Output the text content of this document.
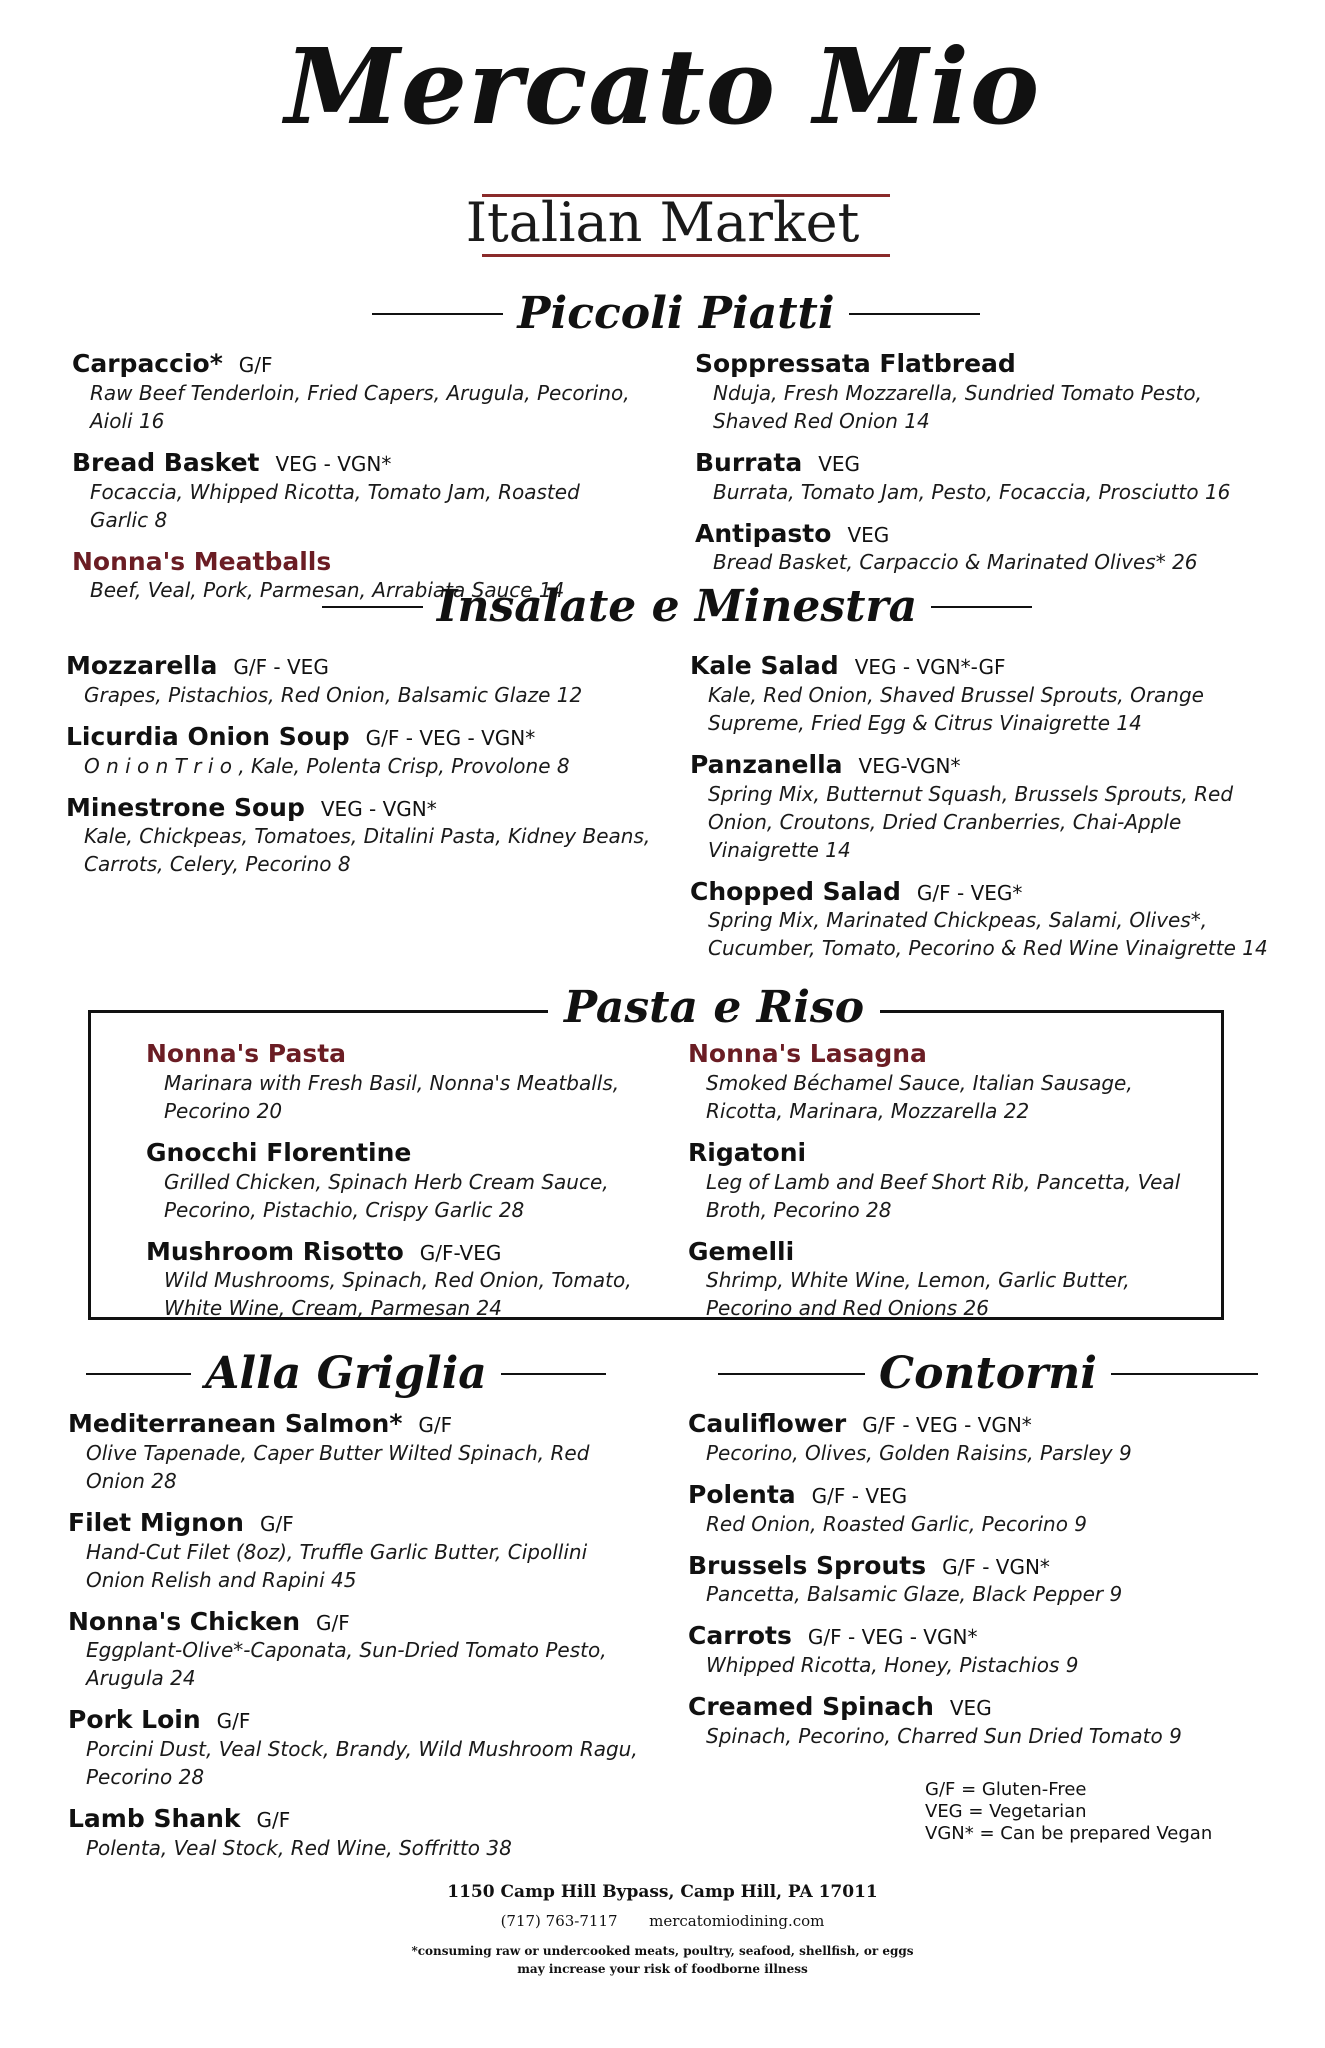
Mercato Mio
Italian Market
Piccoli Piatti
Carpaccio* G/F
Raw Beef Tenderloin, Fried Capers, Arugula, Pecorino, Aioli 16
Bread Basket VEG - VGN*
Focaccia, Whipped Ricotta, Tomato Jam, Roasted Garlic 8
Nonna's Meatballs
Beef, Veal, Pork, Parmesan, Arrabiata Sauce 14
Soppressata Flatbread
Nduja, Fresh Mozzarella, Sundried Tomato Pesto, Shaved Red Onion 14
Burrata VEG
Burrata, Tomato Jam, Pesto, Focaccia, Prosciutto 16
Antipasto VEG
Bread Basket, Carpaccio & Marinated Olives* 26
Insalate e Minestra
Mozzarella G/F - VEG
Grapes, Pistachios, Red Onion, Balsamic Glaze 12
Licurdia Onion Soup G/F - VEG - VGN*
O n i o n T r i o , Kale, Polenta Crisp, Provolone 8
Minestrone Soup VEG - VGN*
Kale, Chickpeas, Tomatoes, Ditalini Pasta, Kidney Beans, Carrots, Celery, Pecorino 8
Kale Salad VEG - VGN*-GF
Kale, Red Onion, Shaved Brussel Sprouts, Orange Supreme, Fried Egg & Citrus Vinaigrette 14
Panzanella VEG-VGN*
Spring Mix, Butternut Squash, Brussels Sprouts, Red Onion, Croutons, Dried Cranberries, Chai-Apple Vinaigrette 14
Chopped Salad G/F - VEG*
Spring Mix, Marinated Chickpeas, Salami, Olives*, Cucumber, Tomato, Pecorino & Red Wine Vinaigrette 14
Pasta e Riso
Nonna's Pasta
Marinara with Fresh Basil, Nonna's Meatballs, Pecorino 20
Gnocchi Florentine
Grilled Chicken, Spinach Herb Cream Sauce, Pecorino, Pistachio, Crispy Garlic 28
Mushroom Risotto G/F-VEG
Wild Mushrooms, Spinach, Red Onion, Tomato, White Wine, Cream, Parmesan 24
Nonna's Lasagna
Smoked Béchamel Sauce, Italian Sausage, Ricotta, Marinara, Mozzarella 22
Rigatoni
Leg of Lamb and Beef Short Rib, Pancetta, Veal Broth, Pecorino 28
Gemelli
Shrimp, White Wine, Lemon, Garlic Butter, Pecorino and Red Onions 26
Alla Griglia
Mediterranean Salmon* G/F
Olive Tapenade, Caper Butter Wilted Spinach, Red Onion 28
Filet Mignon G/F
Hand-Cut Filet (8oz), Truffle Garlic Butter, Cipollini Onion Relish and Rapini 45
Nonna's Chicken G/F
Eggplant-Olive*-Caponata, Sun-Dried Tomato Pesto, Arugula 24
Pork Loin G/F
Porcini Dust, Veal Stock, Brandy, Wild Mushroom Ragu, Pecorino 28
Lamb Shank G/F
Polenta, Veal Stock, Red Wine, Soffritto 38
Contorni
Cauliflower G/F - VEG - VGN*
Pecorino, Olives, Golden Raisins, Parsley 9
Polenta G/F - VEG
Red Onion, Roasted Garlic, Pecorino 9
Brussels Sprouts G/F - VGN*
Pancetta, Balsamic Glaze, Black Pepper 9
Carrots G/F - VEG - VGN*
Whipped Ricotta, Honey, Pistachios 9
Creamed Spinach VEG
Spinach, Pecorino, Charred Sun Dried Tomato 9
G/F = Gluten-Free
VEG = Vegetarian
VGN* = Can be prepared Vegan
1150 Camp Hill Bypass, Camp Hill, PA 17011
(717) 763-7117 mercatomiodining.com
*consuming raw or undercooked meats, poultry, seafood, shellfish, or eggs
may increase your risk of foodborne illness
